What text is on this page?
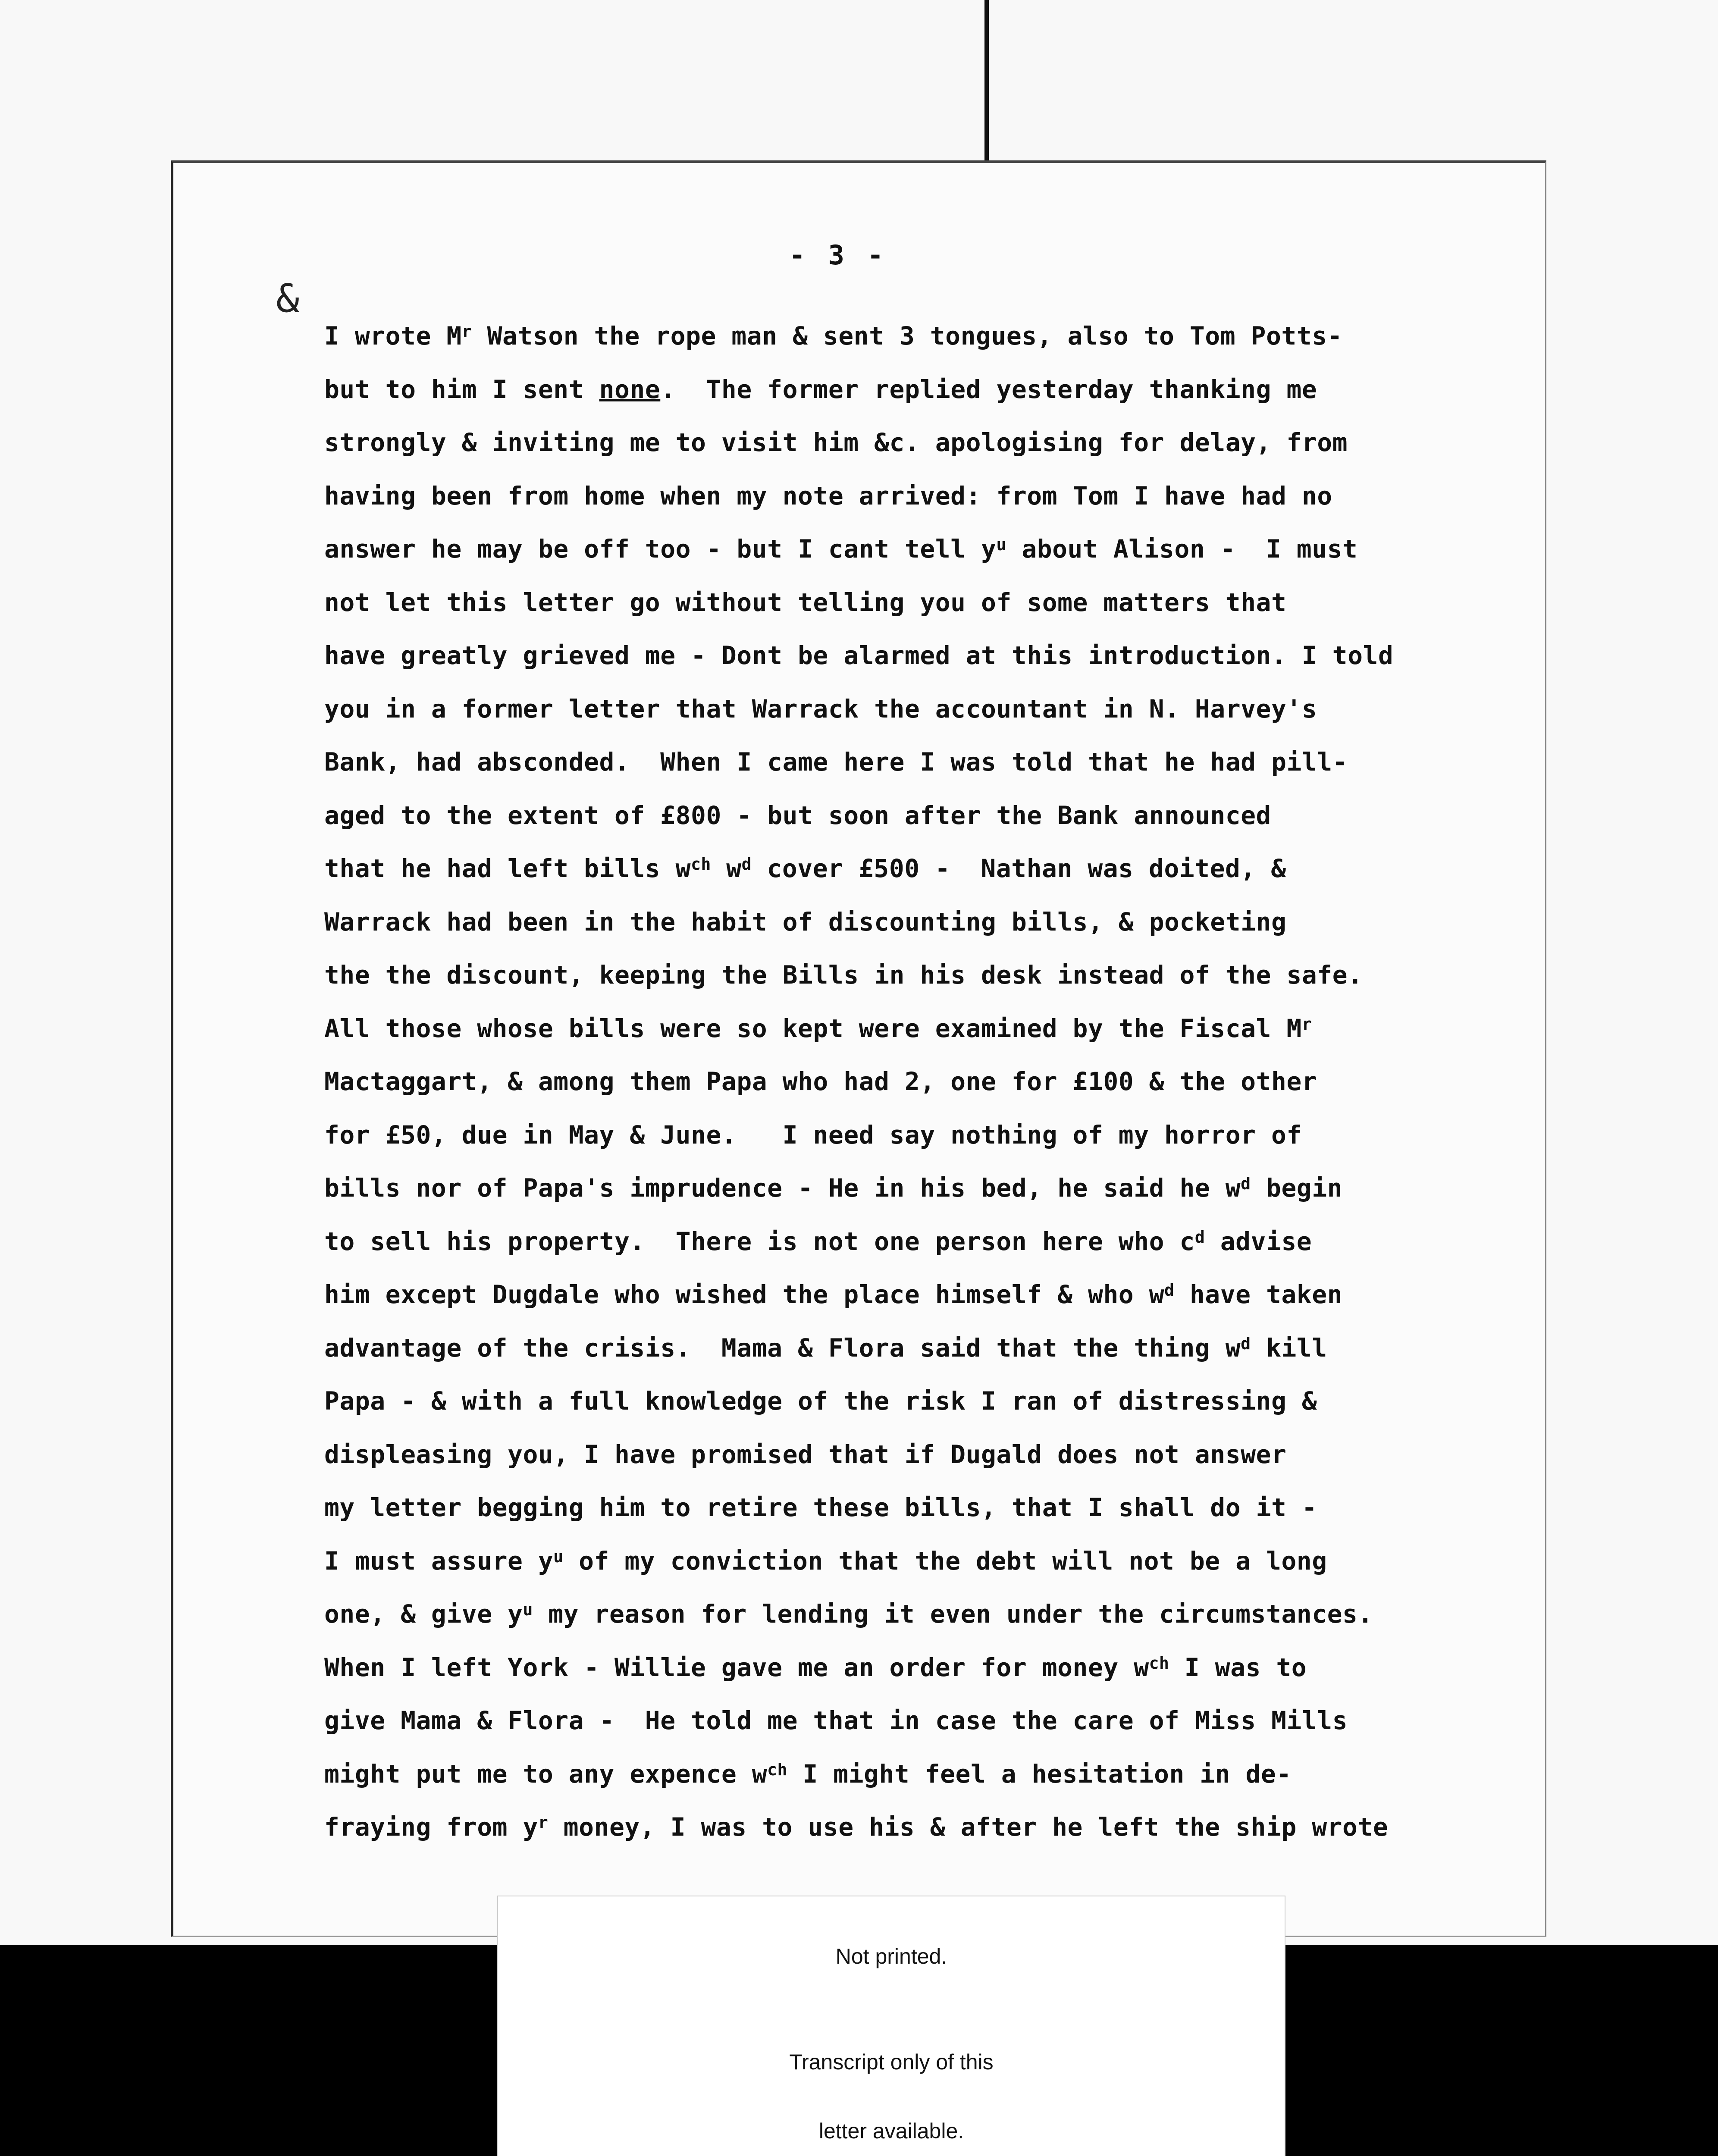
- 3 -
&
I wrote $M^r$ Watson the rope man & sent 3 tongues, also to Tom Potts-
but to him I sent none.  The former replied yesterday thanking me
strongly & inviting me to visit him &c. apologising for delay, from
having been from home when my note arrived: from Tom I have had no
answer he may be off too - but I cant tell $y^u$ about Alison -  I must
not let this letter go without telling you of some matters that
have greatly grieved me - Dont be alarmed at this introduction. I told
you in a former letter that Warrack the accountant in N. Harvey's
Bank, had absconded.  When I came here I was told that he had pill-
aged to the extent of £800 - but soon after the Bank announced
that he had left bills $w^{ch}$ $w^d$ cover £500 -  Nathan was doited, &
Warrack had been in the habit of discounting bills, & pocketing
the the discount, keeping the Bills in his desk instead of the safe.
All those whose bills were so kept were examined by the Fiscal $M^r$
Mactaggart, & among them Papa who had 2, one for £100 & the other
for £50, due in May & June.   I need say nothing of my horror of
bills nor of Papa's imprudence - He in his bed, he said he $w^d$ begin
to sell his property.  There is not one person here who $c^d$ advise
him except Dugdale who wished the place himself & who $w^d$ have taken
advantage of the crisis.  Mama & Flora said that the thing $w^d$ kill
Papa - & with a full knowledge of the risk I ran of distressing &
displeasing you, I have promised that if Dugald does not answer
my letter begging him to retire these bills, that I shall do it -
I must assure $y^u$ of my conviction that the debt will not be a long
one, & give $y^u$ my reason for lending it even under the circumstances.
When I left York - Willie gave me an order for money $w^{ch}$ I was to
give Mama & Flora -  He told me that in case the care of Miss Mills
might put me to any expence $w^{ch}$ I might feel a hesitation in de-
fraying from $y^r$ money, I was to use his & after he left the ship wrote
Not printed.
Transcript only of this
letter available.
